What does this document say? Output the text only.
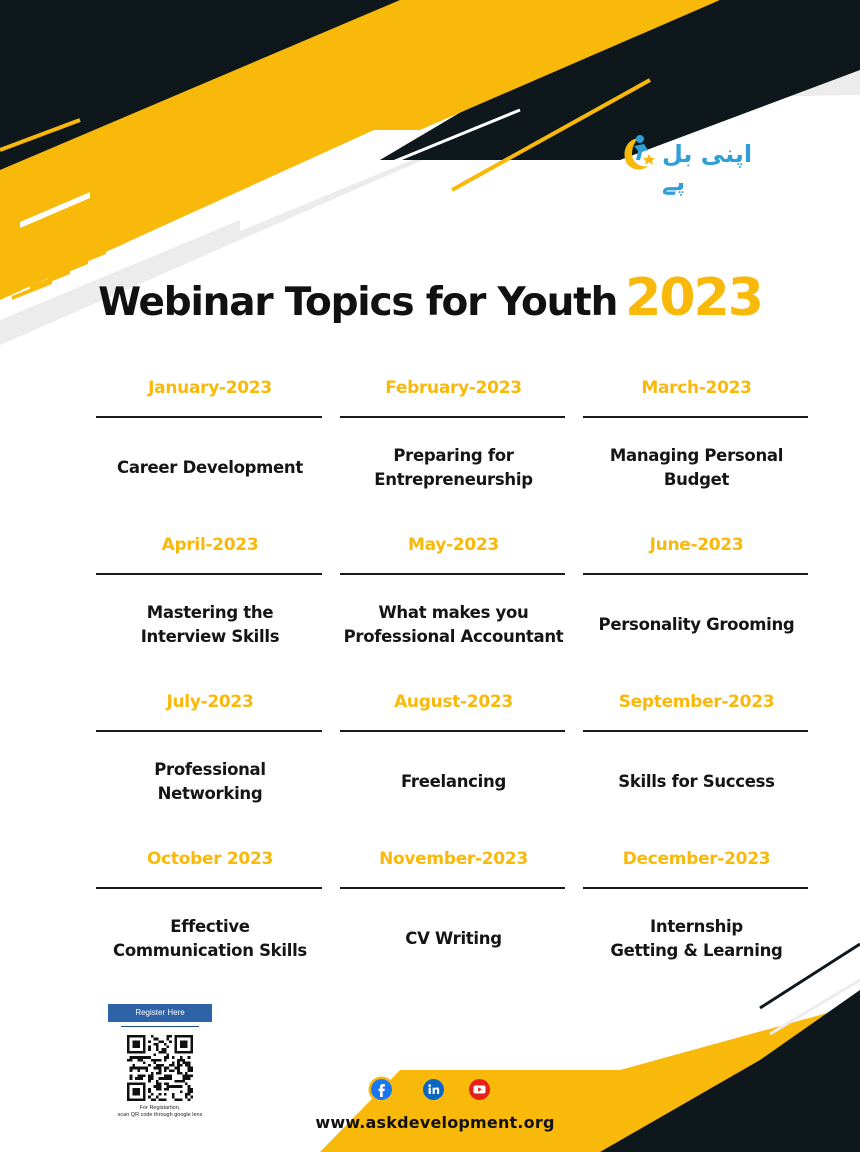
اپنی بل پے
Webinar Topics for Youth 2023
January-2023
Career Development
February-2023
Preparing for
Entrepreneurship
March-2023
Managing Personal
Budget
April-2023
Mastering the
Interview Skills
May-2023
What makes you
Professional Accountant
June-2023
Personality Grooming
July-2023
Professional
Networking
August-2023
Freelancing
September-2023
Skills for Success
October 2023
Effective
Communication Skills
November-2023
CV Writing
December-2023
Internship
Getting & Learning
Register Here
For Registartion,
scan QR code through google lens	www.askdevelopment.org
